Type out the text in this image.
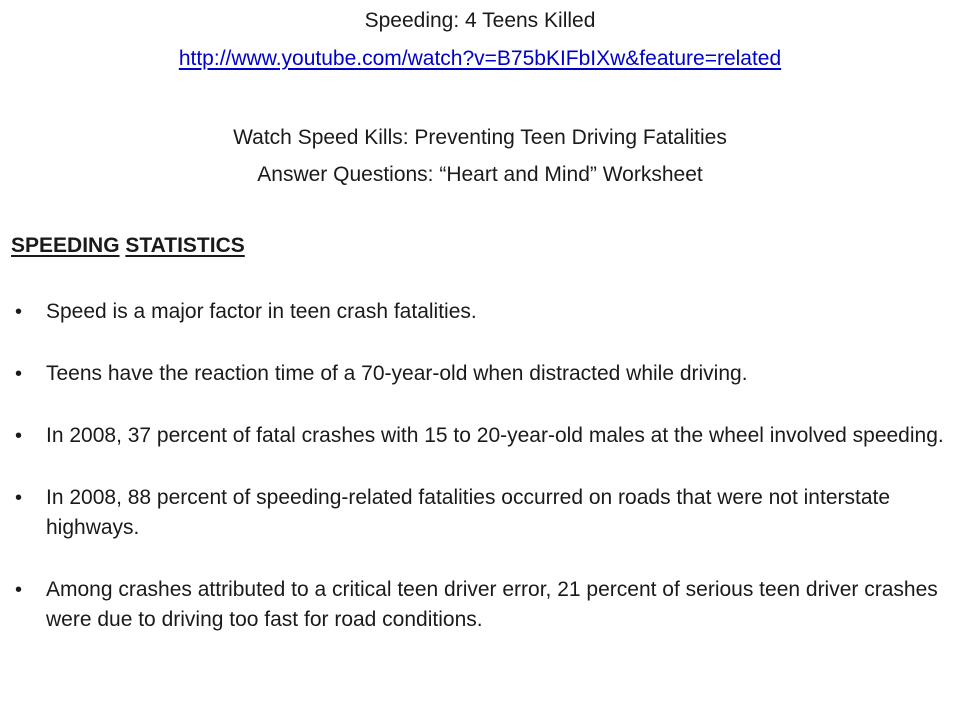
Speeding: 4 Teens Killed
http://www.youtube.com/watch?v=B75bKIFbIXw&feature=related
Watch Speed Kills: Preventing Teen Driving Fatalities
Answer Questions: “Heart and Mind” Worksheet
SPEEDING STATISTICS
• Speed is a major factor in teen crash fatalities.
• Teens have the reaction time of a 70-year-old when distracted while driving.
• In 2008, 37 percent of fatal crashes with 15 to 20-year-old males at the wheel involved speeding.
• In 2008, 88 percent of speeding-related fatalities occurred on roads that were not interstate highways.
• Among crashes attributed to a critical teen driver error, 21 percent of serious teen driver crashes were due to driving too fast for road conditions.
